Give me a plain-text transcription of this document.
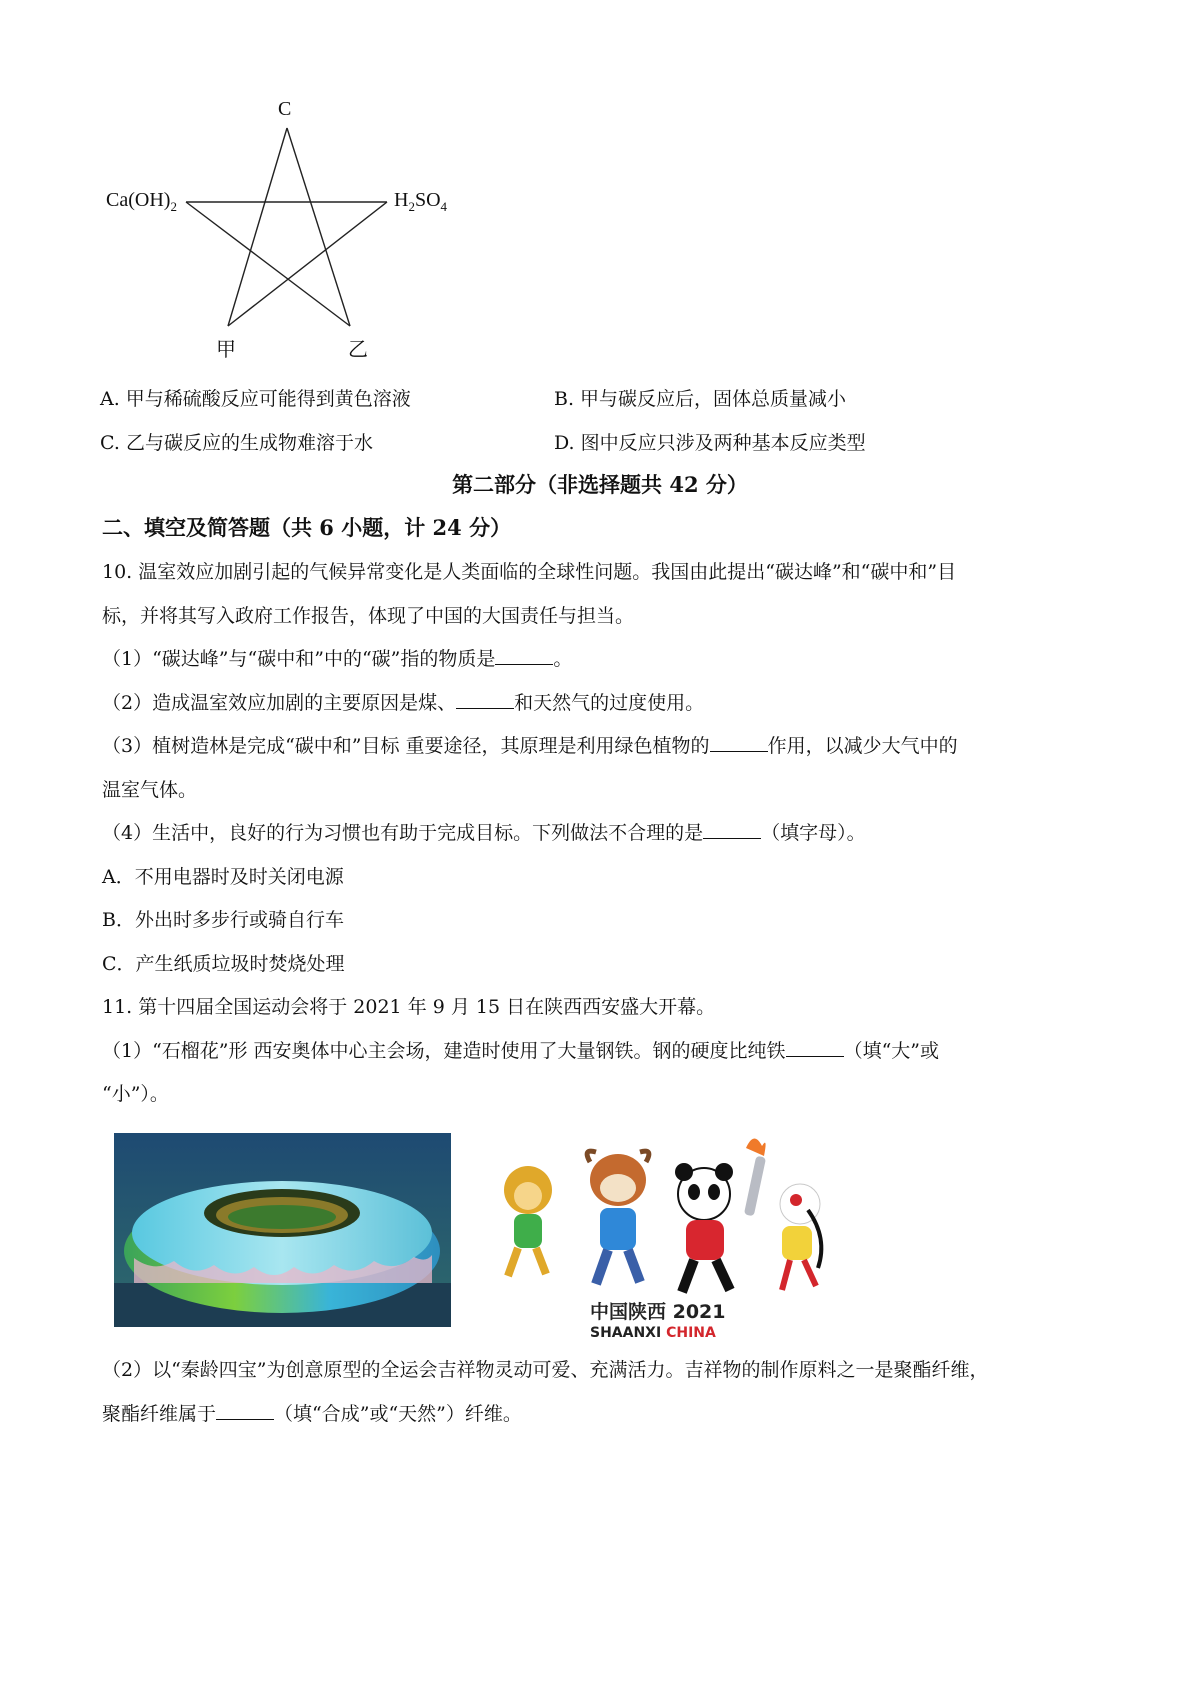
C
$Ca(OH)_2$	$H_2SO_4$
甲	乙
A. 甲与稀硫酸反应可能得到黄色溶液	B. 甲与碳反应后，固体总质量减小
C. 乙与碳反应的生成物难溶于水	D. 图中反应只涉及两种基本反应类型
第二部分（非选择题共 42 分）
二、填空及简答题（共 6 小题，计 24 分）
10. 温室效应加剧引起的气候异常变化是人类面临的全球性问题。我国由此提出“碳达峰”和“碳中和”目
标，并将其写入政府工作报告，体现了中国的大国责任与担当。
（1）“碳达峰”与“碳中和”中的“碳”指的物质是	。
（2）造成温室效应加剧的主要原因是煤、	和天然气的过度使用。
（3）植树造林是完成“碳中和”目标 重要途径，其原理是利用绿色植物的	作用，以减少大气中的
温室气体。
（4）生活中，良好的行为习惯也有助于完成目标。下列做法不合理的是	（填字母）。
A．不用电器时及时关闭电源
B．外出时多步行或骑自行车
C．产生纸质垃圾时焚烧处理
11. 第十四届全国运动会将于 2021 年 9 月 15 日在陕西西安盛大开幕。
（1）“石榴花”形 西安奥体中心主会场，建造时使用了大量钢铁。钢的硬度比纯铁	（填“大”或
“小”）。
中国陕西 2021
SHAANXI CHINA
（2）以“秦龄四宝”为创意原型的全运会吉祥物灵动可爱、充满活力。吉祥物的制作原料之一是聚酯纤维，
聚酯纤维属于	（填“合成”或“天然”）纤维。
